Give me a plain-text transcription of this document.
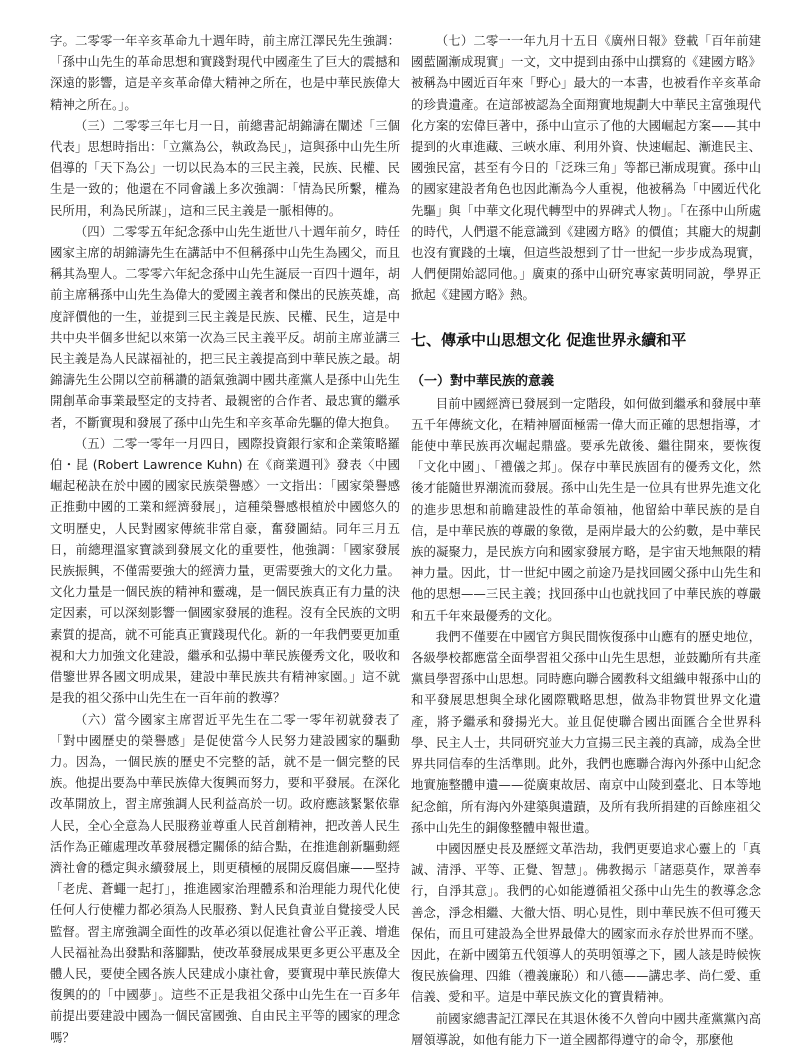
字。二零零一年辛亥革命九十週年時，前主席江澤民先生強調：「孫中山先生的革命思想和實踐對現代中國產生了巨大的震撼和深遠的影響，這是辛亥革命偉大精神之所在，也是中華民族偉大精神之所在。」。

（三）二零零三年七月一日，前總書記胡錦濤在闡述「三個代表」思想時指出：「立黨為公，執政為民」，這與孫中山先生所倡導的「天下為公」一切以民為本的三民主義，民族、民權、民生是一致的；他還在不同會議上多次強調：「情為民所繫，權為民所用，利為民所謀」，這和三民主義是一脈相傳的。

（四）二零零五年紀念孫中山先生逝世八十週年前夕，時任國家主席的胡錦濤先生在講話中不但稱孫中山先生為國父，而且稱其為聖人。二零零六年紀念孫中山先生誕辰一百四十週年，胡前主席稱孫中山先生為偉大的愛國主義者和傑出的民族英雄，高度評價他的一生，並提到三民主義是民族、民權、民生，這是中共中央半個多世紀以來第一次為三民主義平反。胡前主席並講三民主義是為人民謀福祉的，把三民主義提高到中華民族之最。胡錦濤先生公開以空前稱讚的語氣強調中國共產黨人是孫中山先生開創革命事業最堅定的支持者、最親密的合作者、最忠實的繼承者，不斷實現和發展了孫中山先生和辛亥革命先驅的偉大抱負。

（五）二零一零年一月四日，國際投資銀行家和企業策略羅伯・昆 (Robert Lawrence Kuhn) 在《商業週刊》發表〈中國崛起秘訣在於中國的國家民族榮譽感〉一文指出：「國家榮譽感正推動中國的工業和經濟發展」，這種榮譽感根植於中國悠久的文明歷史，人民對國家傳統非常自豪，奮發圖結。同年三月五日，前總理溫家寶談到發展文化的重要性，他強調：「國家發展民族振興，不僅需要強大的經濟力量，更需要強大的文化力量。文化力量是一個民族的精神和靈魂，是一個民族真正有力量的決定因素，可以深刻影響一個國家發展的進程。沒有全民族的文明素質的提高，就不可能真正實踐現代化。新的一年我們要更加重視和大力加強文化建設，繼承和弘揚中華民族優秀文化，吸收和借鑒世界各國文明成果，建設中華民族共有精神家園。」這不就是我的祖父孫中山先生在一百年前的教導？

（六）當今國家主席習近平先生在二零一零年初就發表了「對中國歷史的榮譽感」是促使當今人民努力建設國家的驅動力。因為，一個民族的歷史不完整的話，就不是一個完整的民族。他提出要為中華民族偉大復興而努力，要和平發展。在深化改革開放上，習主席強調人民利益高於一切。政府應該緊緊依靠人民，全心全意為人民服務並尊重人民首創精神，把改善人民生活作為正確處理改革發展穩定關係的結合點，在推進創新驅動經濟社會的穩定與永續發展上，則更積極的展開反腐倡廉——堅持「老虎、蒼蠅一起打」，推進國家治理體系和治理能力現代化使任何人行使權力都必須為人民服務、對人民負責並自覺接受人民監督。習主席強調全面性的改革必須以促進社會公平正義、增進人民福祉為出發點和落腳點，使改革發展成果更多更公平惠及全體人民，要使全國各族人民建成小康社會，要實現中華民族偉大復興的的「中國夢」。這些不正是我祖父孫中山先生在一百多年前提出要建設中國為一個民富國強、自由民主平等的國家的理念嗎？

（七）二零一一年九月十五日《廣州日報》登載「百年前建國藍圖漸成現實」一文，文中提到由孫中山撰寫的《建國方略》被稱為中國近百年來「野心」最大的一本書，也被看作辛亥革命的珍貴遺產。在這部被認為全面翔實地規劃大中華民主富強現代化方案的宏偉巨著中，孫中山宣示了他的大國崛起方案——其中提到的火車進藏、三峽水庫、利用外資、快速崛起、漸進民主、國強民富，甚至有今日的「泛珠三角」等都已漸成現實。孫中山的國家建設者角色也因此漸為今人重視，他被稱為「中國近代化先驅」與「中華文化現代轉型中的界碑式人物」。「在孫中山所處的時代，人們還不能意識到《建國方略》的價值；其龐大的規劃也沒有實踐的土壤，但這些設想到了廿一世紀一步步成為現實，人們便開始認同他。」廣東的孫中山研究專家黃明同說，學界正掀起《建國方略》熱。

七、傳承中山思想文化 促進世界永續和平
（一）對中華民族的意義

目前中國經濟已發展到一定階段，如何做到繼承和發展中華五千年傳統文化，在精神層面極需一偉大而正確的思想指導，才能使中華民族再次崛起鼎盛。要承先啟後、繼往開來，要恢復「文化中國」、「禮儀之邦」。保存中華民族固有的優秀文化，然後才能隨世界潮流而發展。孫中山先生是一位具有世界先進文化的進步思想和前瞻建設性的革命領袖，他留給中華民族的是自信，是中華民族的尊嚴的象徵，是兩岸最大的公約數，是中華民族的凝聚力，是民族方向和國家發展方略，是宇宙天地無限的精神力量。因此，廿一世紀中國之前途乃是找回國父孫中山先生和他的思想——三民主義；找回孫中山也就找回了中華民族的尊嚴和五千年來最優秀的文化。

我們不僅要在中國官方與民間恢復孫中山應有的歷史地位，各級學校都應當全面學習祖父孫中山先生思想，並鼓勵所有共產黨員學習孫中山思想。同時應向聯合國教科文組織申報孫中山的和平發展思想與全球化國際戰略思想，做為非物質世界文化遺產，將予繼承和發揚光大。並且促使聯合國出面匯合全世界科學、民主人士，共同研究並大力宣揚三民主義的真諦，成為全世界共同信奉的生活準則。此外，我們也應聯合海內外孫中山紀念地實施整體申遺——從廣東故居、南京中山陵到臺北、日本等地紀念館，所有海內外建築與遺蹟，及所有我所捐建的百餘座祖父孫中山先生的銅像整體申報世遺。

中國因歷史長及歷經文革浩劫，我們更要追求心靈上的「真誠、清淨、平等、正覺、智慧」。佛教揭示「諸惡莫作，眾善奉行，自淨其意」。我們的心如能遵循祖父孫中山先生的教導念念善念，淨念相繼、大徹大悟、明心見性，則中華民族不但可獲天保佑，而且可建設為全世界最偉大的國家而永存於世界而不墜。因此，在新中國第五代領導人的英明領導之下，國人該是時候恢復民族倫理、四維（禮義廉恥）和八德——講忠孝、尚仁愛、重信義、愛和平。這是中華民族文化的寶貴精神。

前國家總書記江澤民在其退休後不久曾向中國共產黨黨內高層領導說，如他有能力下一道全國都得遵守的命令，那麼他
